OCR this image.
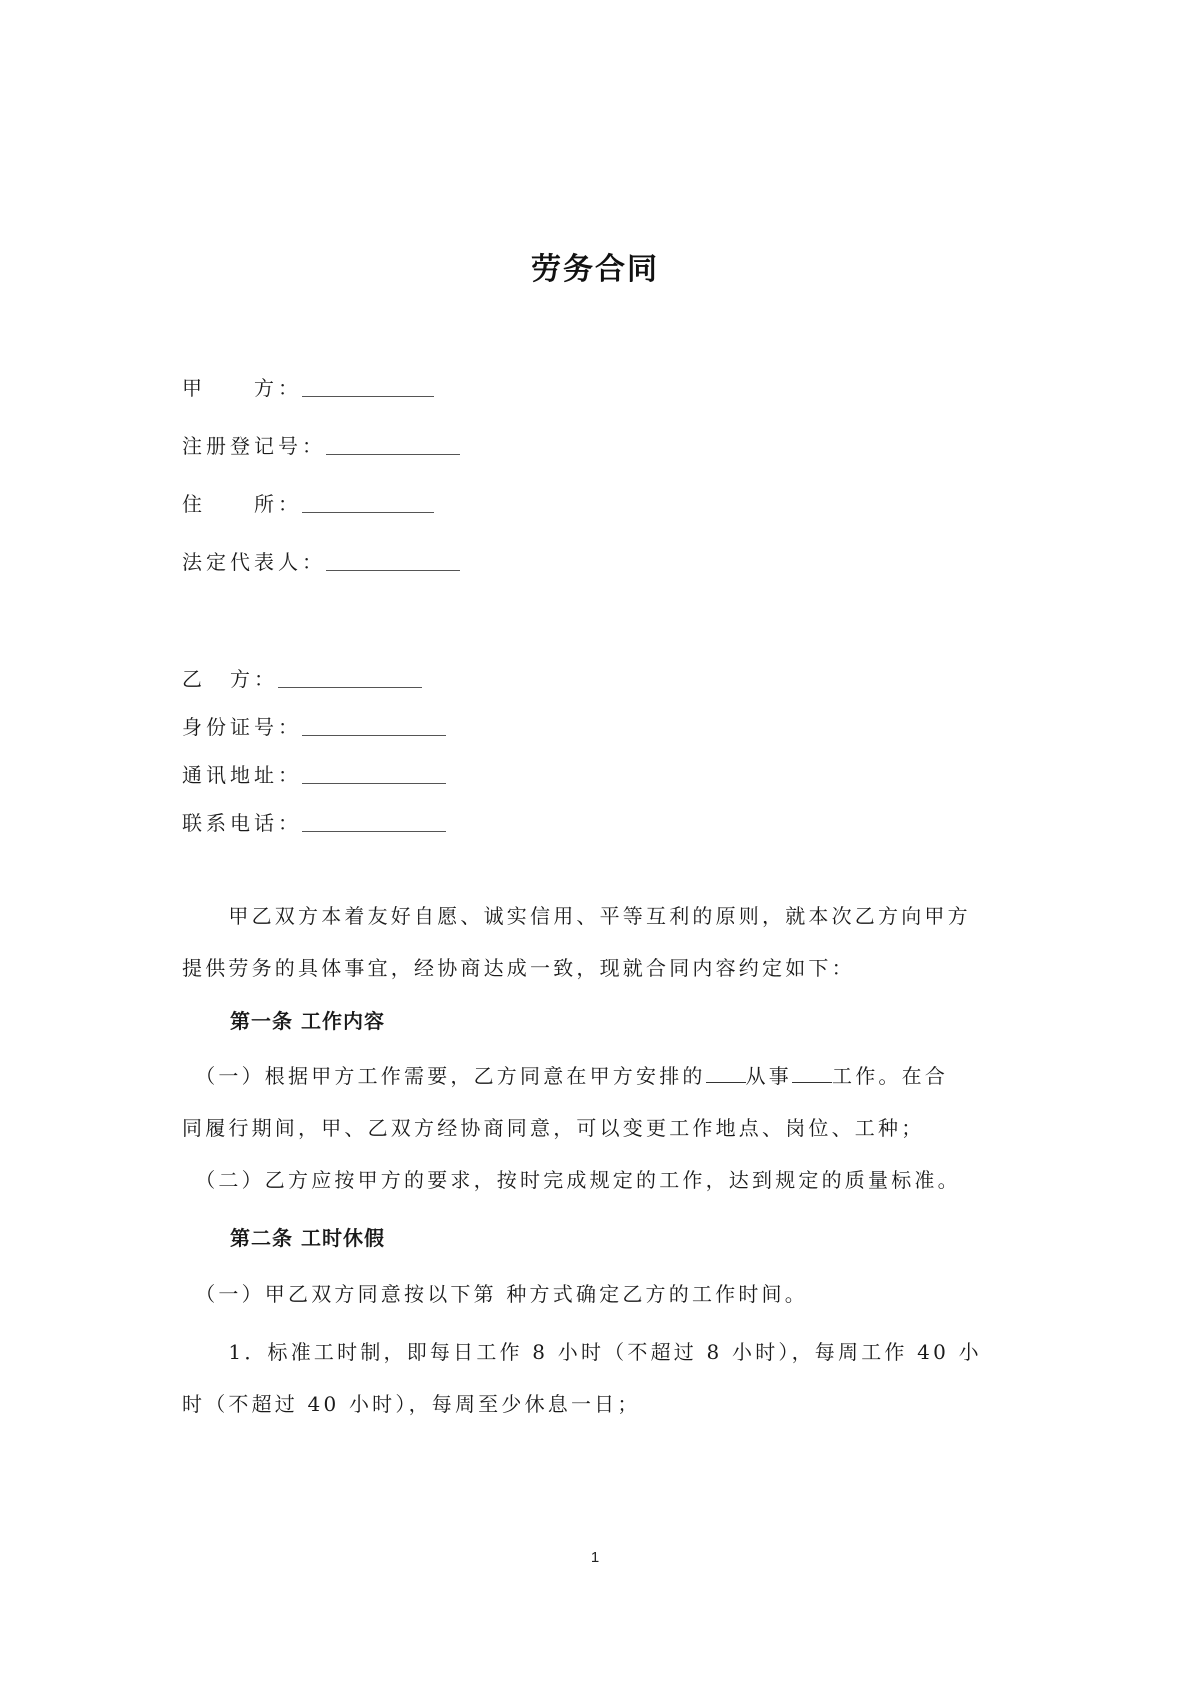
劳务合同
甲　　方：
注册登记号：
住　　所：
法定代表人：
乙　方：
身份证号：
通讯地址：
联系电话：
　　甲乙双方本着友好自愿、诚实信用、平等互利的原则，就本次乙方向甲方
提供劳务的具体事宜，经协商达成一致，现就合同内容约定如下：
第一条 工作内容
　（一）根据甲方工作需要，乙方同意在甲方安排的 从事 工作。在合
同履行期间，甲、乙双方经协商同意，可以变更工作地点、岗位、工种；
　（二）乙方应按甲方的要求，按时完成规定的工作，达到规定的质量标准。
第二条 工时休假
　（一）甲乙双方同意按以下第 种方式确定乙方的工作时间。
　　1．标准工时制，即每日工作 8 小时（不超过 8 小时），每周工作 40 小
时（不超过 40 小时），每周至少休息一日；
1
